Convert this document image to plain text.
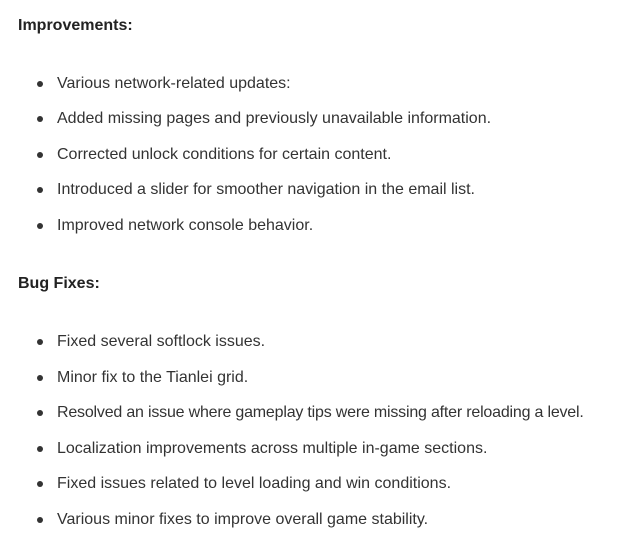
Improvements:
Various network-related updates:
Added missing pages and previously unavailable information.
Corrected unlock conditions for certain content.
Introduced a slider for smoother navigation in the email list.
Improved network console behavior.
Bug Fixes:
Fixed several softlock issues.
Minor fix to the Tianlei grid.
Resolved an issue where gameplay tips were missing after reloading a level.
Localization improvements across multiple in-game sections.
Fixed issues related to level loading and win conditions.
Various minor fixes to improve overall game stability.
